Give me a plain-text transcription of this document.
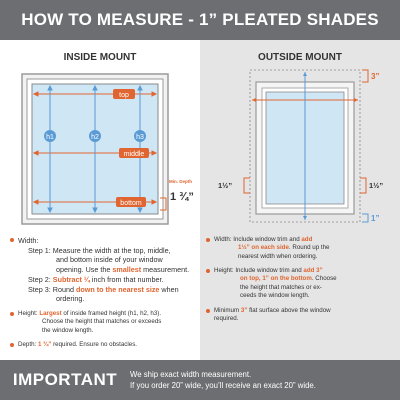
HOW TO MEASURE - 1” PLEATED SHADES
INSIDE MOUNT
top
middle
bottom
h1	h2	h3
Min. Depth
1 ¾”
Width:
Step 1: Measure the width at the top, middle,
and bottom inside of your window
opening. Use the smallest measurement.
Step 2: Subtract ¼ inch from that number.
Step 3: Round down to the nearest size when
ordering.
Height: Largest of inside framed height (h1, h2, h3).
Choose the height that matches or exceeds
the window length.
Depth: 1 ¾” required. Ensure no obstacles.
OUTSIDE MOUNT
3”
1”
1½”	1½”
Width: Include window trim and add
1½” on each side. Round up the
nearest width when ordering.
Height: Include window trim and add 3”
on top, 1” on the bottom. Choose
the height that matches or ex-
ceeds the window length.
Minimum 3” flat surface above the window
required.
IMPORTANT	We ship exact width measurement.
If you order 20” wide, you’ll receive an exact 20” wide.
